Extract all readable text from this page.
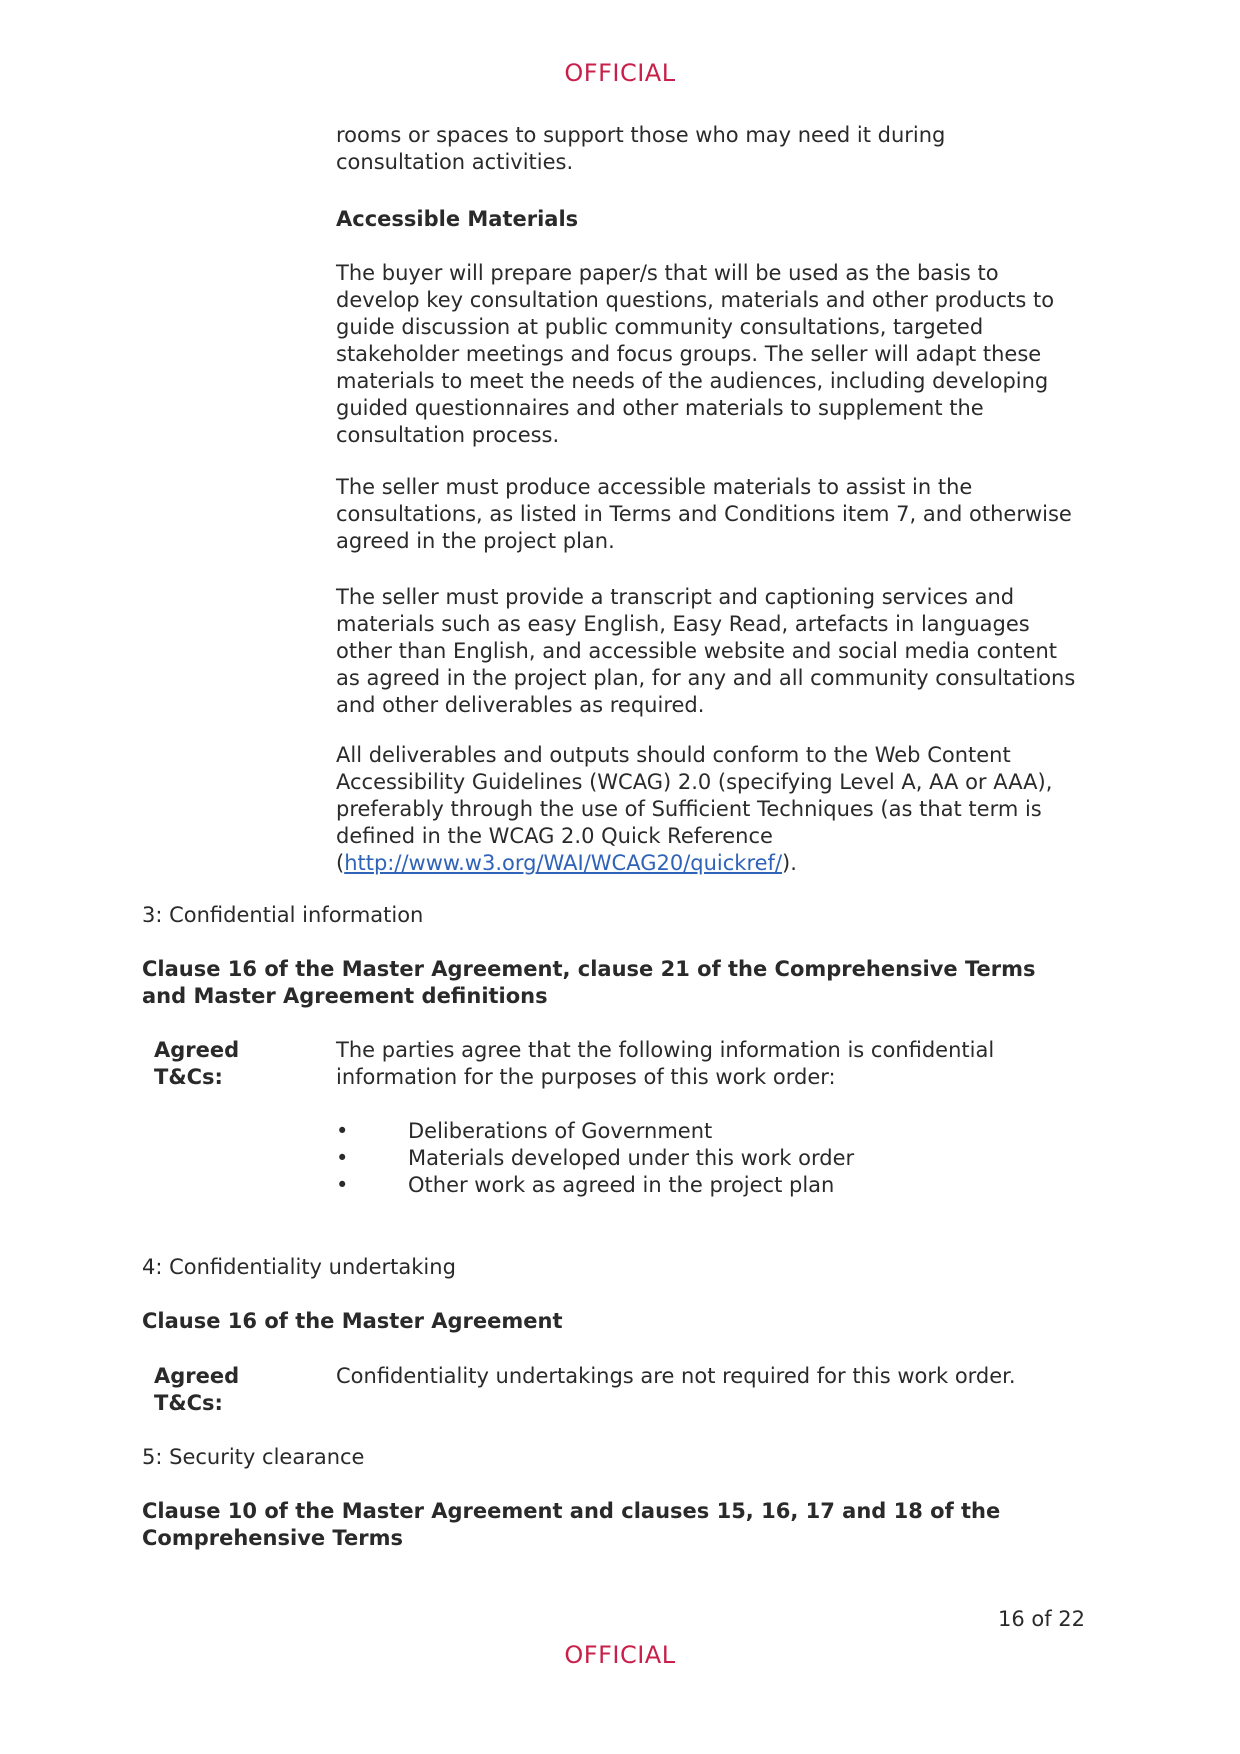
OFFICIAL

rooms or spaces to support those who may need it during consultation activities.

Accessible Materials

The buyer will prepare paper/s that will be used as the basis to develop key consultation questions, materials and other products to guide discussion at public community consultations, targeted stakeholder meetings and focus groups. The seller will adapt these materials to meet the needs of the audiences, including developing guided questionnaires and other materials to supplement the consultation process.

The seller must produce accessible materials to assist in the consultations, as listed in Terms and Conditions item 7, and otherwise agreed in the project plan.

The seller must provide a transcript and captioning services and materials such as easy English, Easy Read, artefacts in languages other than English, and accessible website and social media content as agreed in the project plan, for any and all community consultations and other deliverables as required.

All deliverables and outputs should conform to the Web Content Accessibility Guidelines (WCAG) 2.0 (specifying Level A, AA or AAA), preferably through the use of Sufficient Techniques (as that term is defined in the WCAG 2.0 Quick Reference (http://www.w3.org/WAI/WCAG20/quickref/).

3: Confidential information

Clause 16 of the Master Agreement, clause 21 of the Comprehensive Terms and Master Agreement definitions

Agreed T&Cs:

The parties agree that the following information is confidential information for the purposes of this work order:

•	Deliberations of Government
•	Materials developed under this work order
•	Other work as agreed in the project plan

4: Confidentiality undertaking

Clause 16 of the Master Agreement

Agreed T&Cs:

Confidentiality undertakings are not required for this work order.

5: Security clearance

Clause 10 of the Master Agreement and clauses 15, 16, 17 and 18 of the Comprehensive Terms

16 of 22
OFFICIAL
